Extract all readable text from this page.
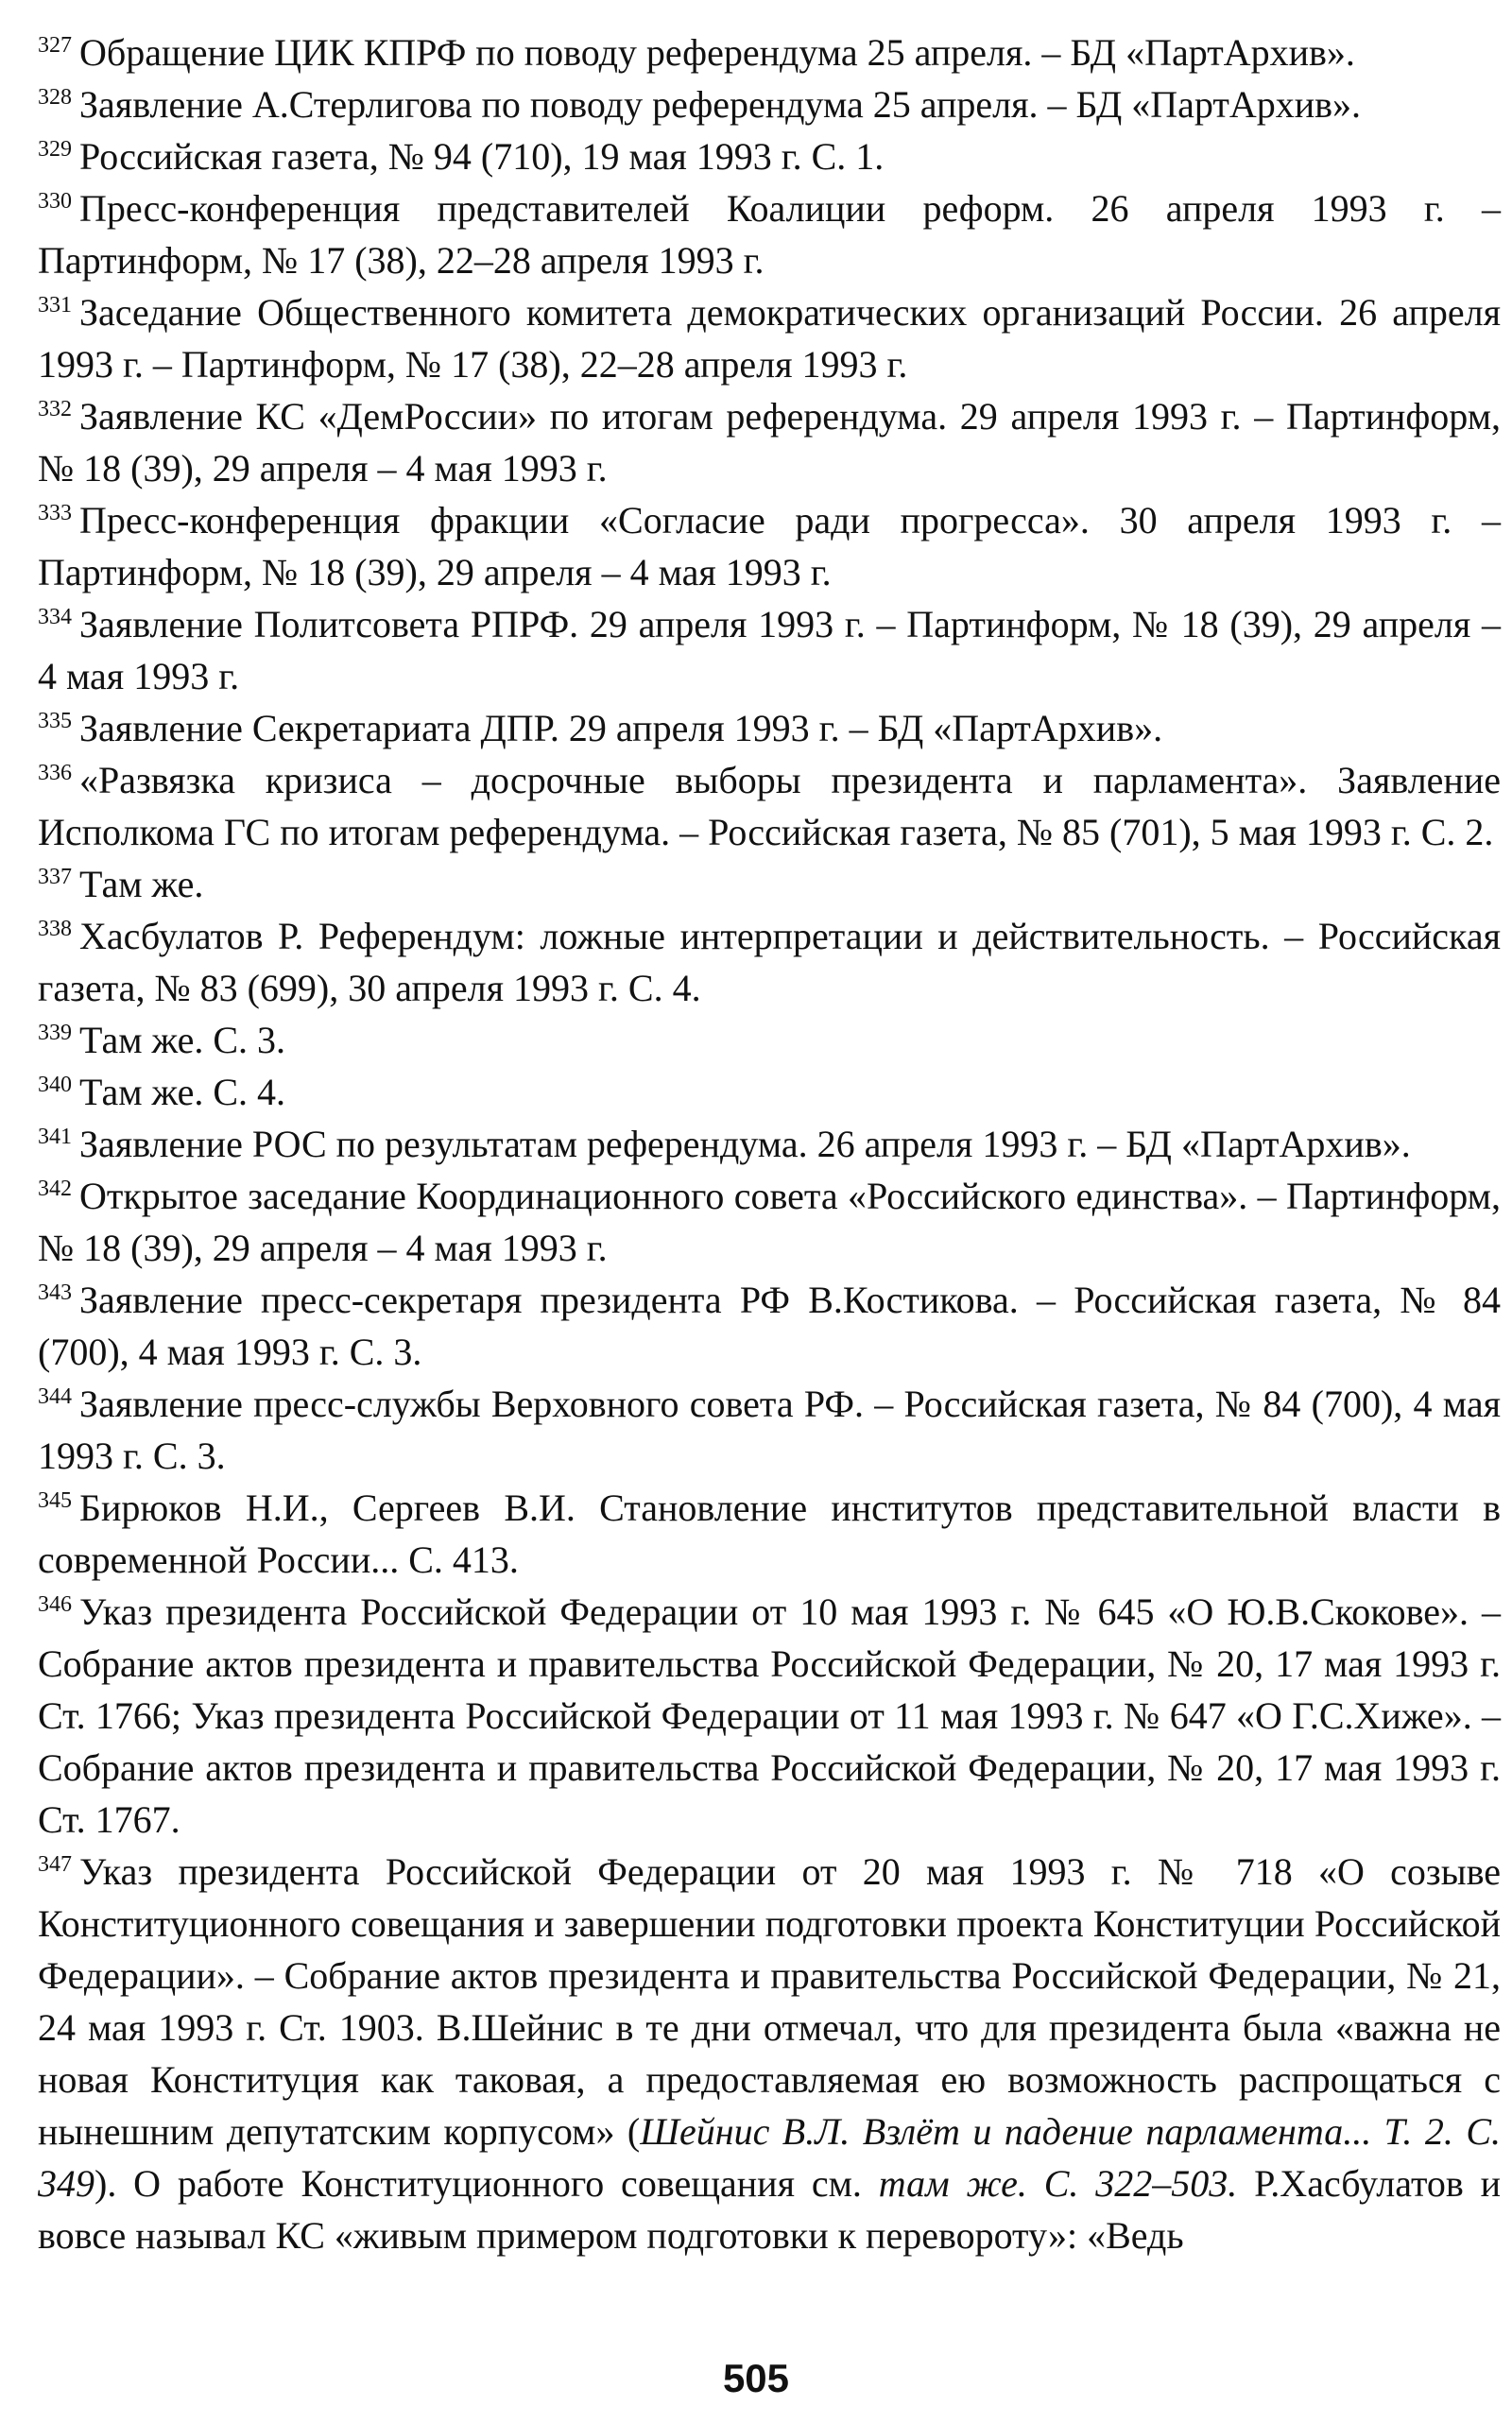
$^{327}$ Обращение ЦИК КПРФ по поводу референдума 25 апреля. – БД «ПартАрхив».

$^{328}$ Заявление А.Стерлигова по поводу референдума 25 апреля. – БД «ПартАрхив».

$^{329}$ Российская газета, № 94 (710), 19 мая 1993 г. С. 1.

$^{330}$ Пресс-конференция представителей Коалиции реформ. 26 апреля 1993 г. – Партинформ, № 17 (38), 22–28 апреля 1993 г.

$^{331}$ Заседание Общественного комитета демократических организаций России. 26 апреля 1993 г. – Партинформ, № 17 (38), 22–28 апреля 1993 г.

$^{332}$ Заявление КС «ДемРоссии» по итогам референдума. 29 апреля 1993 г. – Партинформ, № 18 (39), 29 апреля – 4 мая 1993 г.

$^{333}$ Пресс-конференция фракции «Согласие ради прогресса». 30 апреля 1993 г. – Партинформ, № 18 (39), 29 апреля – 4 мая 1993 г.

$^{334}$ Заявление Политсовета РПРФ. 29 апреля 1993 г. – Партинформ, № 18 (39), 29 апреля – 4 мая 1993 г.

$^{335}$ Заявление Секретариата ДПР. 29 апреля 1993 г. – БД «ПартАрхив».

$^{336}$ «Развязка кризиса – досрочные выборы президента и парламента». Заявление Исполкома ГС по итогам референдума. – Российская газета, № 85 (701), 5 мая 1993 г. С. 2.

$^{337}$ Там же.

$^{338}$ Хасбулатов Р. Референдум: ложные интерпретации и действительность. – Российская газета, № 83 (699), 30 апреля 1993 г. С. 4.

$^{339}$ Там же. С. 3.

$^{340}$ Там же. С. 4.

$^{341}$ Заявление РОС по результатам референдума. 26 апреля 1993 г. – БД «ПартАрхив».

$^{342}$ Открытое заседание Координационного совета «Российского единства». – Партинформ, № 18 (39), 29 апреля – 4 мая 1993 г.

$^{343}$ Заявление пресс-секретаря президента РФ В.Костикова. – Российская газета, № 84 (700), 4 мая 1993 г. С. 3.

$^{344}$ Заявление пресс-службы Верховного совета РФ. – Российская газета, № 84 (700), 4 мая 1993 г. С. 3.

$^{345}$ Бирюков Н.И., Сергеев В.И. Становление институтов представительной власти в современной России... С. 413.

$^{346}$ Указ президента Российской Федерации от 10 мая 1993 г. № 645 «О Ю.В.Скокове». – Собрание актов президента и правительства Российской Федерации, № 20, 17 мая 1993 г. Ст. 1766; Указ президента Российской Федерации от 11 мая 1993 г. № 647 «О Г.С.Хиже». – Собрание актов президента и правительства Российской Федерации, № 20, 17 мая 1993 г. Ст. 1767.

$^{347}$ Указ президента Российской Федерации от 20 мая 1993 г. № 718 «О созыве Конституционного совещания и завершении подготовки проекта Конституции Российской Федерации». – Собрание актов президента и правительства Российской Федерации, № 21, 24 мая 1993 г. Ст. 1903. В.Шейнис в те дни отмечал, что для президента была «важна не новая Конституция как таковая, а предоставляемая ею возможность распрощаться с нынешним депутатским корпусом» (Шейнис В.Л. Взлёт и падение парламента... Т. 2. С. 349). О работе Конституционного совещания см. там же. С. 322–503. Р.Хасбулатов и вовсе называл КС «живым примером подготовки к перевороту»: «Ведь

505
